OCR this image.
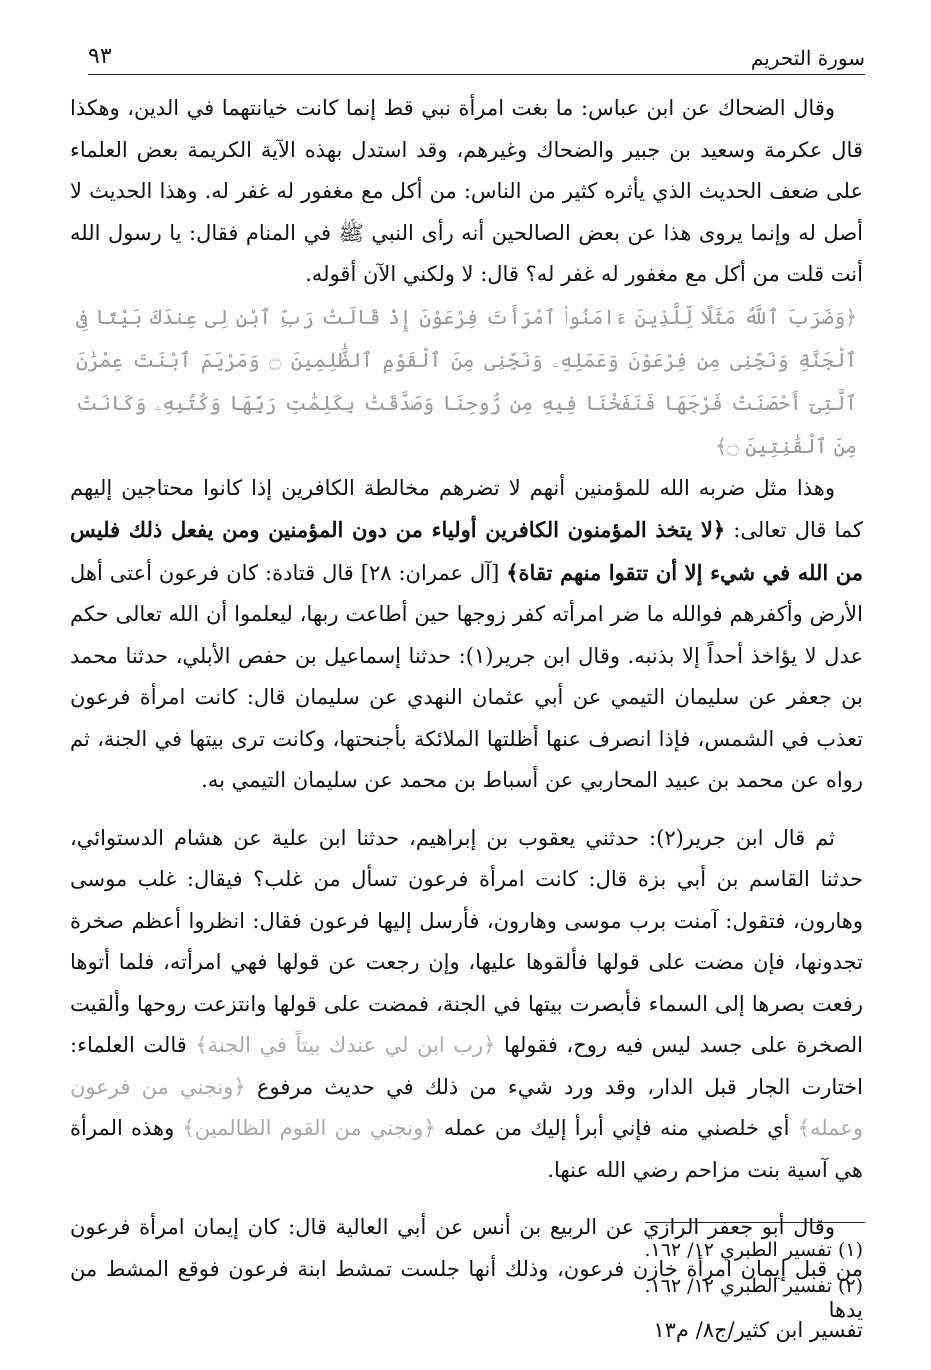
سورة التحريم
٩٣

وقال الضحاك عن ابن عباس: ما بغت امرأة نبي قط إنما كانت خيانتهما في الدين، وهكذا قال عكرمة وسعيد بن جبير والضحاك وغيرهم، وقد استدل بهذه الآية الكريمة بعض العلماء على ضعف الحديث الذي يأثره كثير من الناس: من أكل مع مغفور له غفر له. وهذا الحديث لا أصل له وإنما يروى هذا عن بعض الصالحين أنه رأى النبي ﷺ في المنام فقال: يا رسول الله أنت قلت من أكل مع مغفور له غفر له؟ قال: لا ولكني الآن أقوله.

﴿وَضَرَبَ ٱللَّهُ مَثَلًا لِّلَّذِينَ ءَامَنُوا۟ ٱمْرَأَتَ فِرْعَوْنَ إِذْ قَالَتْ رَبِّ ٱبْنِ لِى عِندَكَ بَيْتًا فِى ٱلْجَنَّةِ وَنَجِّنِى مِن فِرْعَوْنَ وَعَمَلِهِۦ وَنَجِّنِى مِنَ ٱلْقَوْمِ ٱلظَّٰلِمِينَ ۝ وَمَرْيَمَ ٱبْنَتَ عِمْرَٰنَ ٱلَّتِىٓ أَحْصَنَتْ فَرْجَهَا فَنَفَخْنَا فِيهِ مِن رُّوحِنَا وَصَدَّقَتْ بِكَلِمَٰتِ رَبِّهَا وَكُتُبِهِۦ وَكَانَتْ مِنَ ٱلْقَٰنِتِينَ ۝﴾

وهذا مثل ضربه الله للمؤمنين أنهم لا تضرهم مخالطة الكافرين إذا كانوا محتاجين إليهم كما قال تعالى: ﴿لا يتخذ المؤمنون الكافرين أولياء من دون المؤمنين ومن يفعل ذلك فليس من الله في شيء إلا أن تتقوا منهم تقاة﴾ [آل عمران: ٢٨] قال قتادة: كان فرعون أعتى أهل الأرض وأكفرهم فوالله ما ضر امرأته كفر زوجها حين أطاعت ربها، ليعلموا أن الله تعالى حكم عدل لا يؤاخذ أحداً إلا بذنبه. وقال ابن جرير(١): حدثنا إسماعيل بن حفص الأبلي، حدثنا محمد بن جعفر عن سليمان التيمي عن أبي عثمان النهدي عن سليمان قال: كانت امرأة فرعون تعذب في الشمس، فإذا انصرف عنها أظلتها الملائكة بأجنحتها، وكانت ترى بيتها في الجنة، ثم رواه عن محمد بن عبيد المحاربي عن أسباط بن محمد عن سليمان التيمي به.

ثم قال ابن جرير(٢): حدثني يعقوب بن إبراهيم، حدثنا ابن علية عن هشام الدستوائي، حدثنا القاسم بن أبي بزة قال: كانت امرأة فرعون تسأل من غلب؟ فيقال: غلب موسى وهارون، فتقول: آمنت برب موسى وهارون، فأرسل إليها فرعون فقال: انظروا أعظم صخرة تجدونها، فإن مضت على قولها فألقوها عليها، وإن رجعت عن قولها فهي امرأته، فلما أتوها رفعت بصرها إلى السماء فأبصرت بيتها في الجنة، فمضت على قولها وانتزعت روحها وألقيت الصخرة على جسد ليس فيه روح، فقولها ﴿رب ابن لي عندك بيتاً في الجنة﴾ قالت العلماء: اختارت الجار قبل الدار، وقد ورد شيء من ذلك في حديث مرفوع ﴿ونجني من فرعون وعمله﴾ أي خلصني منه فإني أبرأ إليك من عمله ﴿ونجني من القوم الظالمين﴾ وهذه المرأة هي آسية بنت مزاحم رضي الله عنها.

وقال أبو جعفر الرازي عن الربيع بن أنس عن أبي العالية قال: كان إيمان امرأة فرعون من قبل إيمان امرأة خازن فرعون، وذلك أنها جلست تمشط ابنة فرعون فوقع المشط من يدها

(١) تفسير الطبري ١٢/ ١٦٢.
(٢) تفسير الطبري ١٢/ ١٦٢.
تفسير ابن كثير/ج٨/ م١٣
